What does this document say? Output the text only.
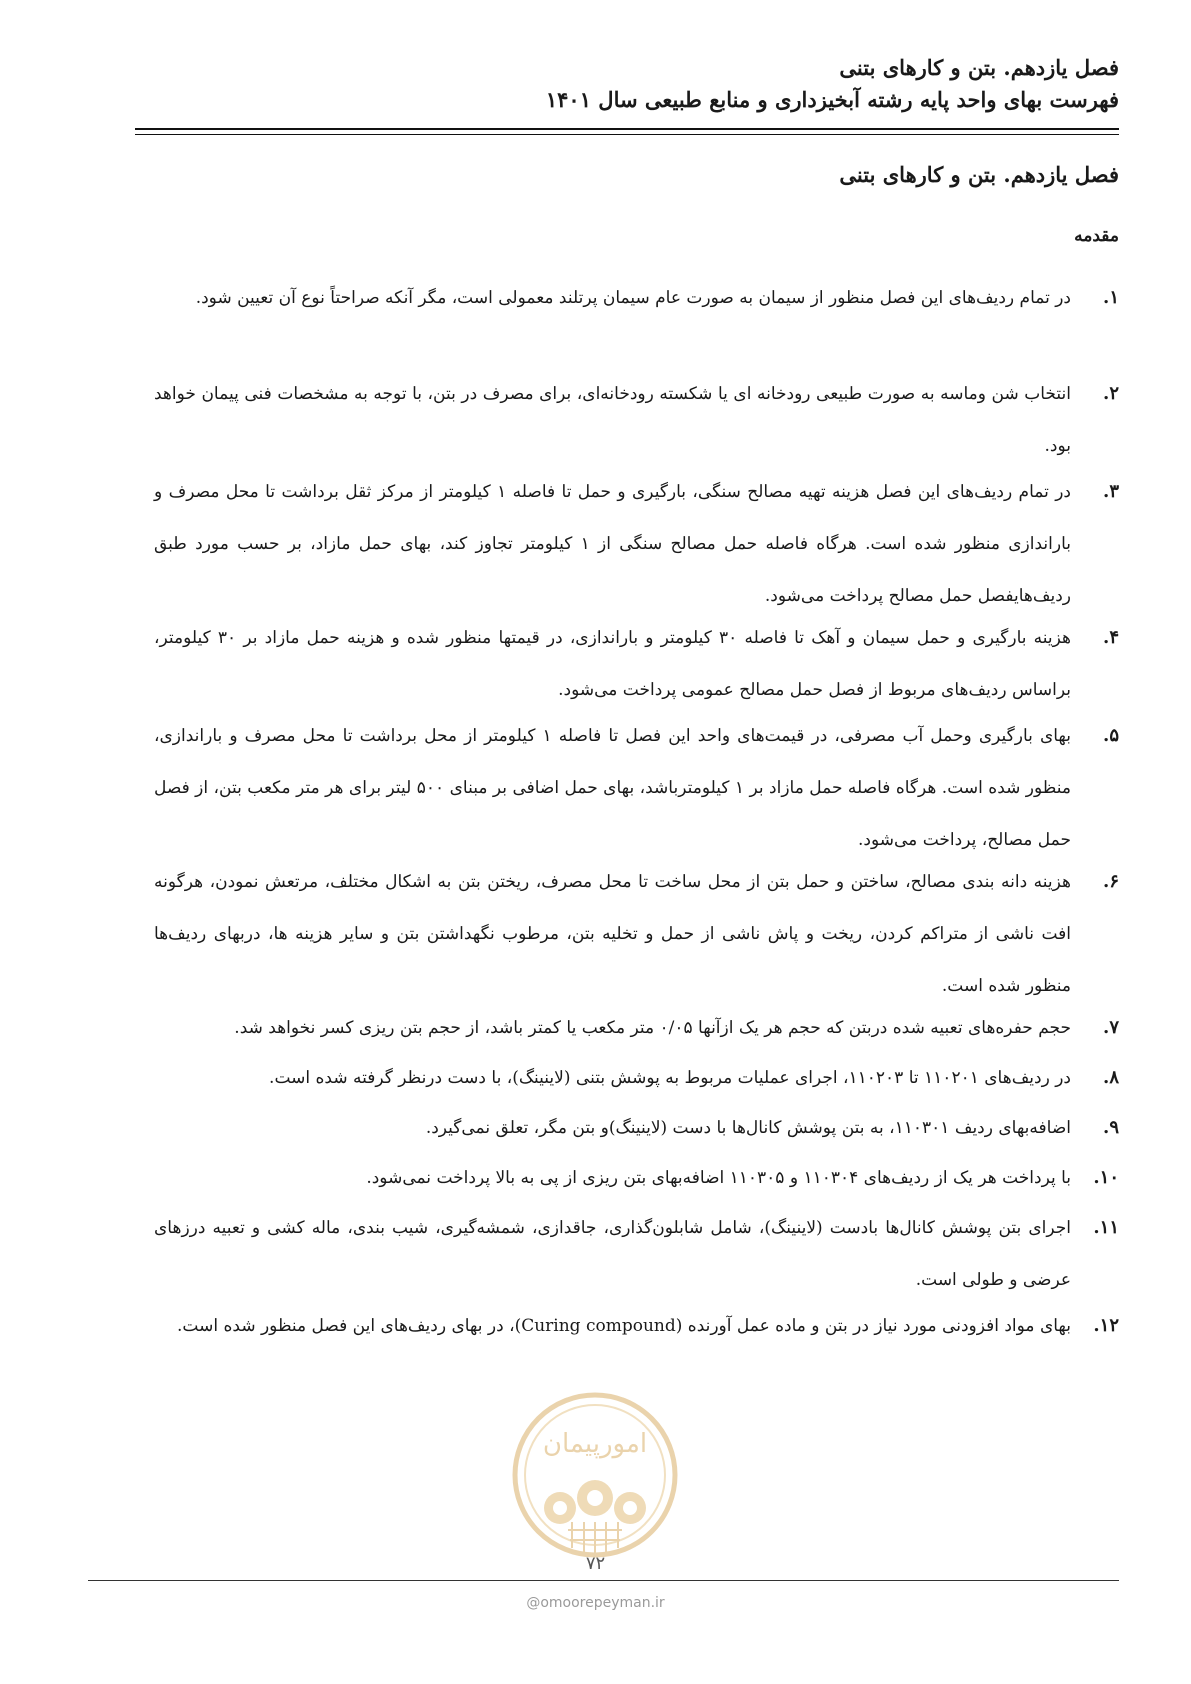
فصل یازدهم. بتن و کارهای بتنی
فهرست بهای واحد پایه رشته آبخیزداری و منابع طبیعی سال ۱۴۰۱
فصل یازدهم. بتن و کارهای بتنی
مقدمه
۱.
در تمام ردیف‌های این فصل منظور از سیمان به صورت عام سیمان پرتلند معمولی است، مگر آنکه صراحتاً نوع آن تعیین شود.
۲.
انتخاب شن وماسه به صورت طبیعی رودخانه ای یا شکسته رودخانه‌ای، برای مصرف در بتن، با توجه به مشخصات فنی پیمان خواهد بود.
۳.
در تمام ردیف‌های این فصل هزینه تهیه مصالح سنگی، بارگیری و حمل تا فاصله ۱ کیلومتر از مرکز ثقل برداشت تا محل مصرف و باراندازی منظور شده است. هرگاه فاصله حمل مصالح سنگی از ۱ کیلومتر تجاوز کند، بهای حمل مازاد، بر حسب مورد طبق ردیف‌هایفصل حمل مصالح پرداخت می‌شود.
۴.
هزینه بارگیری و حمل سیمان و آهک تا فاصله ۳۰ کیلومتر و باراندازی، در قیمتها منظور شده و هزینه حمل مازاد بر ۳۰ کیلومتر، براساس ردیف‌های مربوط از فصل حمل مصالح عمومی پرداخت می‌شود.
۵.
بهای بارگیری وحمل آب مصرفی، در قیمت‌های واحد این فصل تا فاصله ۱ کیلومتر از محل برداشت تا محل مصرف و باراندازی، منظور شده است. هرگاه فاصله حمل مازاد بر ۱ کیلومترباشد، بهای حمل اضافی بر مبنای ۵۰۰ لیتر برای هر متر مکعب بتن، از فصل حمل مصالح، پرداخت می‌شود.
۶.
هزینه دانه بندی مصالح، ساختن و حمل بتن از محل ساخت تا محل مصرف، ریختن بتن به اشکال مختلف، مرتعش نمودن، هرگونه افت ناشی از متراکم کردن، ریخت و پاش ناشی از حمل و تخلیه بتن، مرطوب نگهداشتن بتن و سایر هزینه ها، دربهای ردیف‌ها منظور شده است.
۷.
حجم حفره‌های تعبیه شده دربتن که حجم هر یک ازآنها ۰/۰۵ متر مکعب یا کمتر باشد، از حجم بتن ریزی کسر نخواهد شد.
۸.
در ردیف‌های ۱۱۰۲۰۱ تا ۱۱۰۲۰۳، اجرای عملیات مربوط به پوشش بتنی (لاینینگ)، با دست درنظر گرفته شده است.
۹.
اضافه‌بهای ردیف ۱۱۰۳۰۱، به بتن پوشش کانال‌ها با دست (لاینینگ)و بتن مگر، تعلق نمی‌گیرد.
۱۰.
با پرداخت هر یک از ردیف‌های ۱۱۰۳۰۴ و ۱۱۰۳۰۵ اضافه‌بهای بتن ریزی از پی به بالا پرداخت نمی‌شود.
۱۱.
اجرای بتن پوشش کانال‌ها بادست (لاینینگ)، شامل شابلون‌گذاری، جاقدازی، شمشه‌گیری، شیب بندی، ماله کشی و تعبیه درزهای عرضی و طولی است.
۱۲.
بهای مواد افزودنی مورد نیاز در بتن و ماده عمل آورنده (Curing compound)، در بهای ردیف‌های این فصل منظور شده است.
امورپیمان
۷۲
@omoorepeyman.ir
